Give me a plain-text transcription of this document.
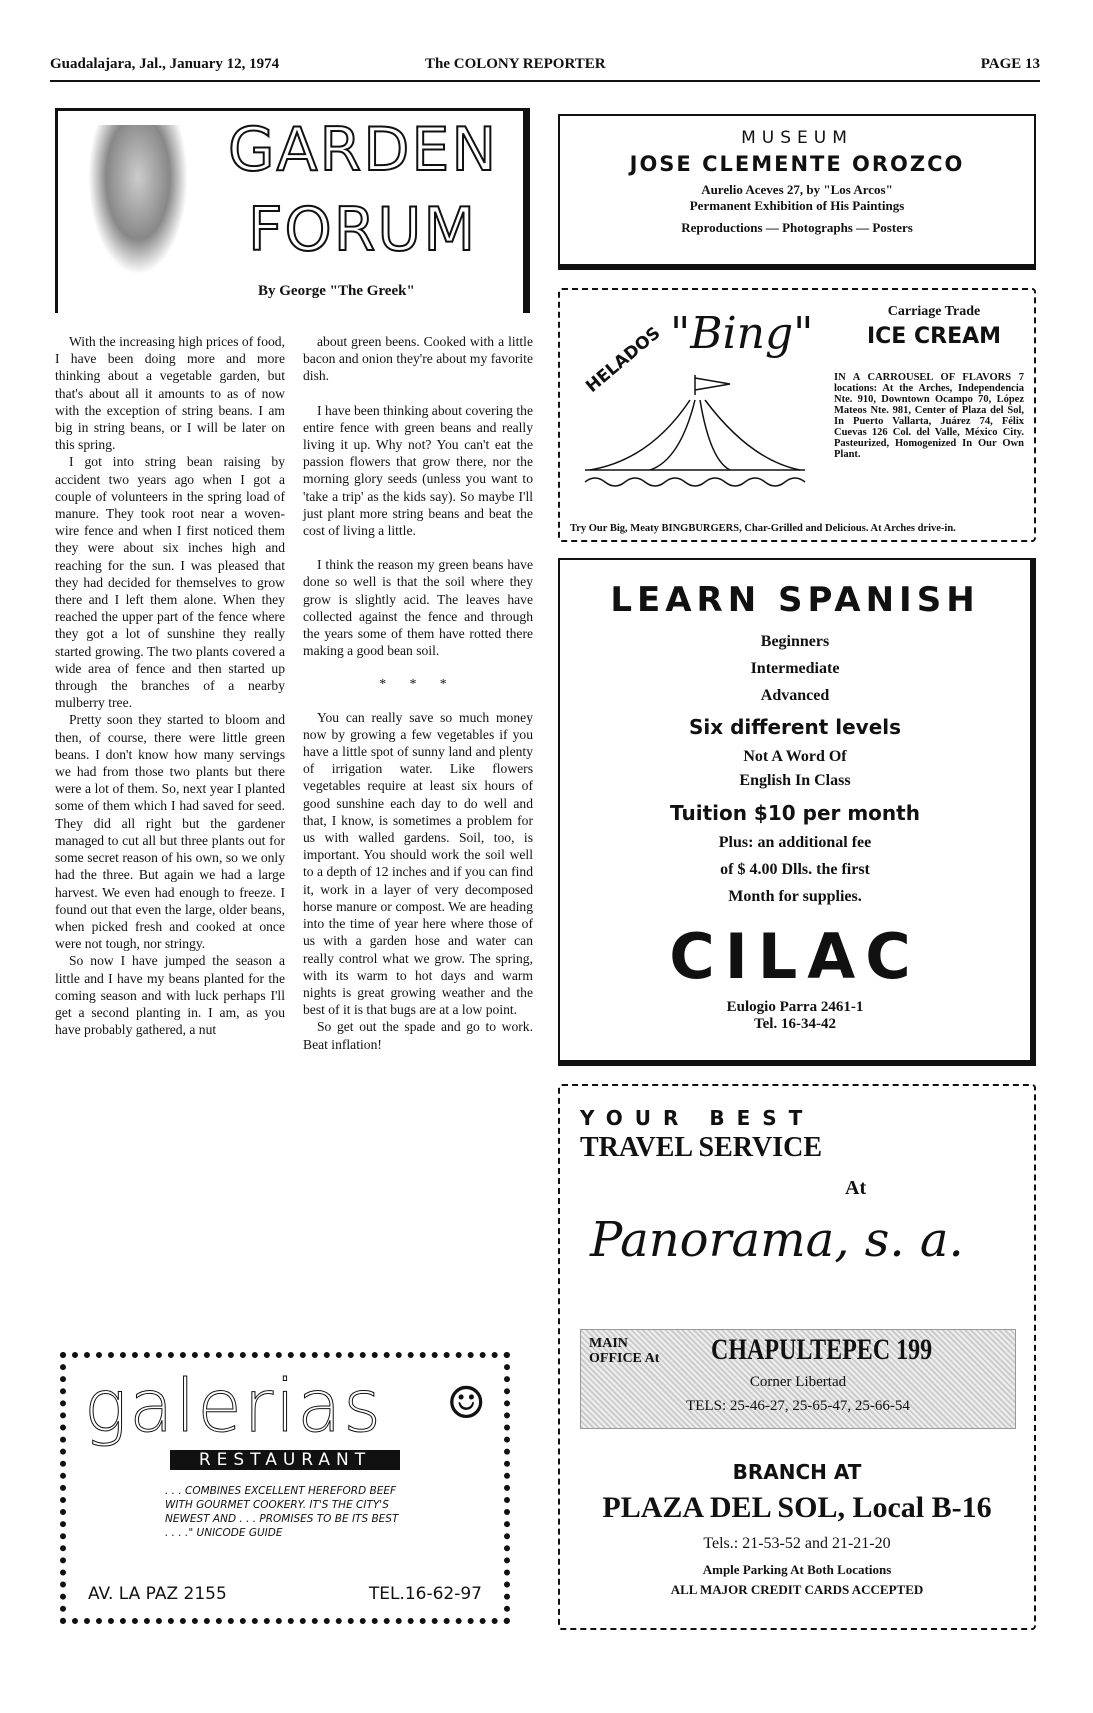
Guadalajara, Jal., January 12, 1974	The COLONY REPORTER	PAGE 13
GARDEN
FORUM
By George "The Greek"

With the increasing high prices of food, I have been doing more and more thinking about a vegetable garden, but that's about all it amounts to as of now with the exception of string beans. I am big in string beans, or I will be later on this spring.

I got into string bean raising by accident two years ago when I got a couple of volunteers in the spring load of manure. They took root near a woven-wire fence and when I first noticed them they were about six inches high and reaching for the sun. I was pleased that they had decided for themselves to grow there and I left them alone. When they reached the upper part of the fence where they got a lot of sunshine they really started growing. The two plants covered a wide area of fence and then started up through the branches of a nearby mulberry tree.

Pretty soon they started to bloom and then, of course, there were little green beans. I don't know how many servings we had from those two plants but there were a lot of them. So, next year I planted some of them which I had saved for seed. They did all right but the gardener managed to cut all but three plants out for some secret reason of his own, so we only had the three. But again we had a large harvest. We even had enough to freeze. I found out that even the large, older beans, when picked fresh and cooked at once were not tough, nor stringy.

So now I have jumped the season a little and I have my beans planted for the coming season and with luck perhaps I'll get a second planting in. I am, as you have probably gathered, a nut

about green beens. Cooked with a little bacon and onion they're about my favorite dish.

I have been thinking about covering the entire fence with green beans and really living it up. Why not? You can't eat the passion flowers that grow there, nor the morning glory seeds (unless you want to 'take a trip' as the kids say). So maybe I'll just plant more string beans and beat the cost of living a little.

I think the reason my green beans have done so well is that the soil where they grow is slightly acid. The leaves have collected against the fence and through the years some of them have rotted there making a good bean soil.

* * *

You can really save so much money now by growing a few vegetables if you have a little spot of sunny land and plenty of irrigation water. Like flowers vegetables require at least six hours of good sunshine each day to do well and that, I know, is sometimes a problem for us with walled gardens. Soil, too, is important. You should work the soil well to a depth of 12 inches and if you can find it, work in a layer of very decomposed horse manure or compost. We are heading into the time of year here where those of us with a garden hose and water can really control what we grow. The spring, with its warm to hot days and warm nights is great growing weather and the best of it is that bugs are at a low point.

So get out the spade and go to work. Beat inflation!

galerias	☺
RESTAURANT
. . . COMBINES EXCELLENT HEREFORD BEEF WITH GOURMET COOKERY. IT'S THE CITY'S NEWEST AND . . . PROMISES TO BE ITS BEST . . . ." UNICODE GUIDE
AV. LA PAZ 2155	TEL.16-62-97
MUSEUM
JOSE CLEMENTE OROZCO
Aurelio Aceves 27, by "Los Arcos"
Permanent Exhibition of His Paintings
Reproductions — Photographs — Posters
HELADOS "Bing"	Carriage Trade
ICE CREAM
IN A CARROUSEL OF FLAVORS 7 locations: At the Arches, Independencia Nte. 910, Downtown Ocampo 70, López Mateos Nte. 981, Center of Plaza del Sol, In Puerto Vallarta, Juárez 74, Félix Cuevas 126 Col. del Valle, México City. Pasteurized, Homogenized In Our Own Plant.
Try Our Big, Meaty BINGBURGERS, Char-Grilled and Delicious. At Arches drive-in.
LEARN SPANISH
Beginners
Intermediate
Advanced
Six different levels
Not A Word Of
English In Class
Tuition $10 per month
Plus: an additional fee
of $ 4.00 Dlls. the first
Month for supplies.
CILAC
Eulogio Parra 2461-1
Tel. 16-34-42
YOUR BEST
TRAVEL SERVICE
At
Panorama, s. a.
MAIN OFFICE At	CHAPULTEPEC 199
Corner Libertad
TELS: 25-46-27, 25-65-47, 25-66-54
BRANCH AT
PLAZA DEL SOL, Local B-16
Tels.: 21-53-52 and 21-21-20
Ample Parking At Both Locations
ALL MAJOR CREDIT CARDS ACCEPTED
